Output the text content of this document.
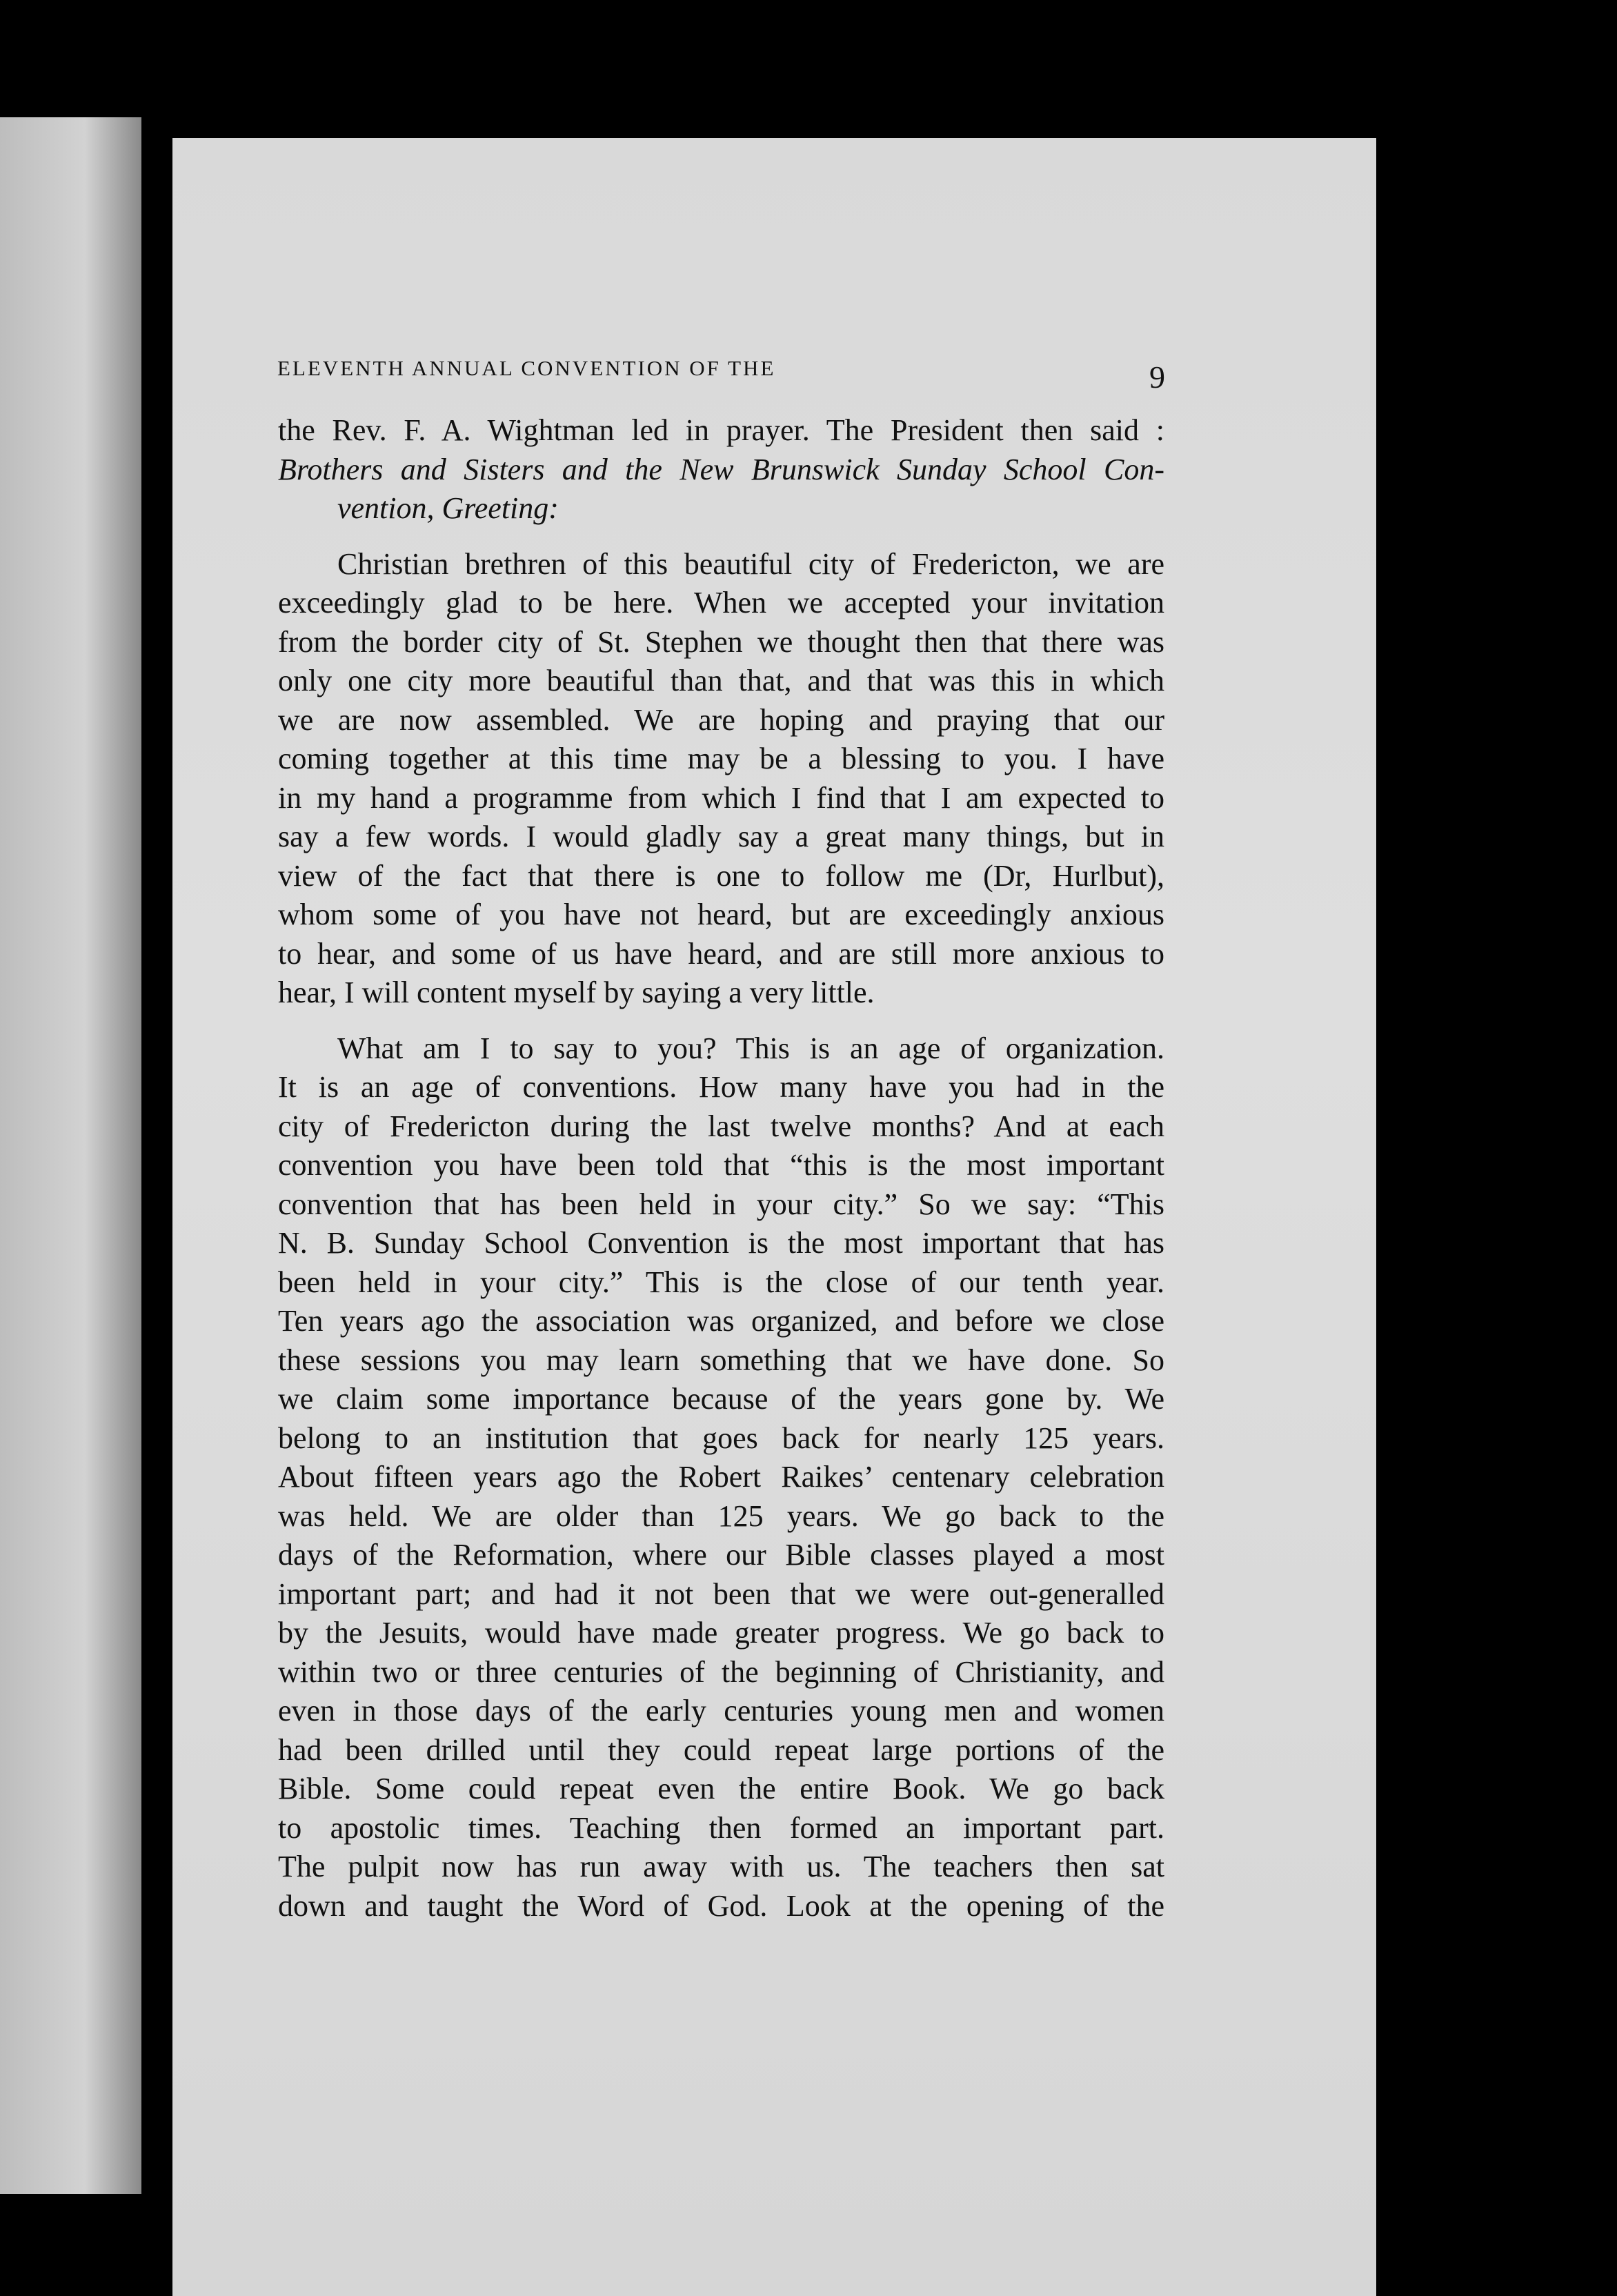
ELEVENTH ANNUAL CONVENTION OF THE	9

the Rev. F. A. Wightman led in prayer. The President then said :

Brothers and Sisters and the New Brunswick Sunday School Con-
vention, Greeting:

Christian brethren of this beautiful city of Fredericton, we are
exceedingly glad to be here. When we accepted your invitation
from the border city of St. Stephen we thought then that there was
only one city more beautiful than that, and that was this in which
we are now assembled. We are hoping and praying that our
coming together at this time may be a blessing to you. I have
in my hand a programme from which I find that I am expected to
say a few words. I would gladly say a great many things, but in
view of the fact that there is one to follow me (Dr, Hurlbut),
whom some of you have not heard, but are exceedingly anxious
to hear, and some of us have heard, and are still more anxious to
hear, I will content myself by saying a very little.

What am I to say to you? This is an age of organization.
It is an age of conventions. How many have you had in the
city of Fredericton during the last twelve months? And at each
convention you have been told that “this is the most important
convention that has been held in your city.” So we say: “This
N. B. Sunday School Convention is the most important that has
been held in your city.” This is the close of our tenth year.
Ten years ago the association was organized, and before we close
these sessions you may learn something that we have done. So
we claim some importance because of the years gone by. We
belong to an institution that goes back for nearly 125 years.
About fifteen years ago the Robert Raikes’ centenary celebration
was held. We are older than 125 years. We go back to the
days of the Reformation, where our Bible classes played a most
important part; and had it not been that we were out-generalled
by the Jesuits, would have made greater progress. We go back to
within two or three centuries of the beginning of Christianity, and
even in those days of the early centuries young men and women
had been drilled until they could repeat large portions of the
Bible. Some could repeat even the entire Book. We go back
to apostolic times. Teaching then formed an important part.
The pulpit now has run away with us. The teachers then sat
down and taught the Word of God. Look at the opening of the
